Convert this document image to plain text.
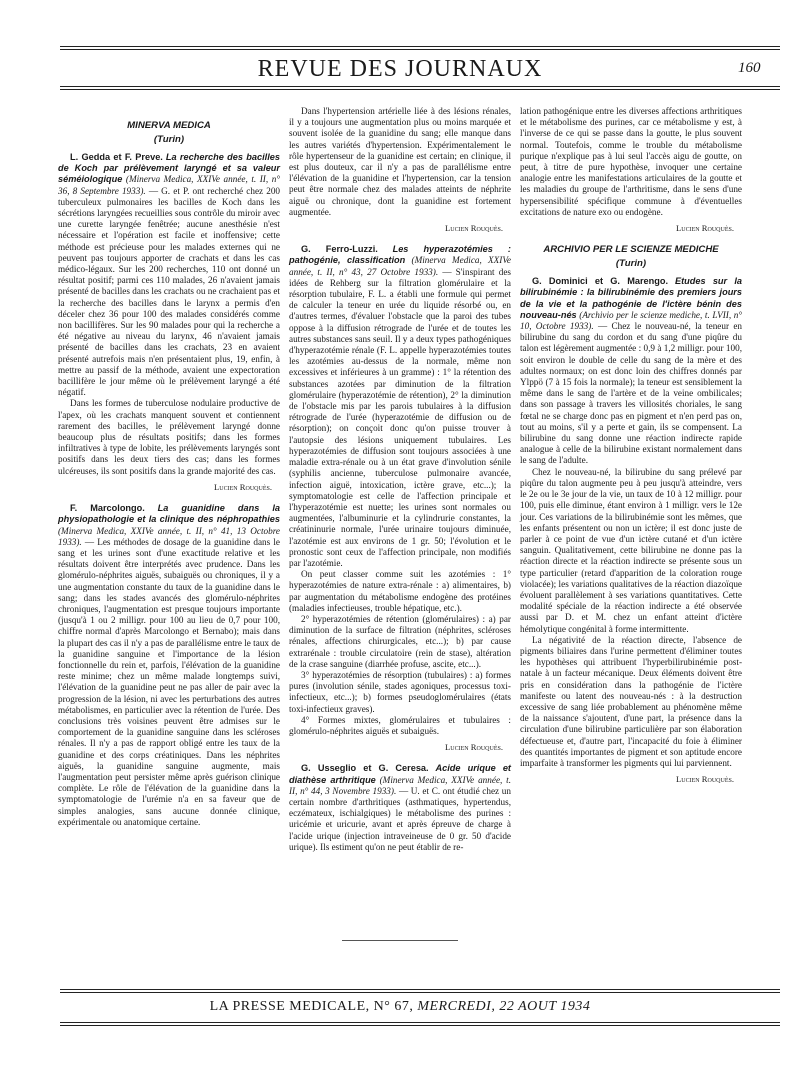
REVUE DES JOURNAUX	160
MINERVA MEDICA
(Turin)

L. Gedda et F. Preve. La recherche des bacilles de Koch par prélèvement laryngé et sa valeur séméiologique (Minerva Medica, XXIVe année, t. II, n° 36, 8 Septembre 1933). — G. et P. ont recherché chez 200 tuberculeux pulmonaires les bacilles de Koch dans les sécrétions laryngées recueillies sous contrôle du miroir avec une curette laryngée fenêtrée; aucune anesthésie n'est nécessaire et l'opération est facile et inoffensive; cette méthode est précieuse pour les malades externes qui ne peuvent pas toujours apporter de crachats et dans les cas médico-légaux. Sur les 200 recherches, 110 ont donné un résultat positif; parmi ces 110 malades, 26 n'avaient jamais présenté de bacilles dans les crachats ou ne crachaient pas et la recherche des bacilles dans le larynx a permis d'en déceler chez 36 pour 100 des malades considérés comme non bacillifères. Sur les 90 malades pour qui la recherche a été négative au niveau du larynx, 46 n'avaient jamais présenté de bacilles dans les crachats, 23 en avaient présenté autrefois mais n'en présentaient plus, 19, enfin, à mettre au passif de la méthode, avaient une expectoration bacillifère le jour même où le prélèvement laryngé a été négatif.

Dans les formes de tuberculose nodulaire productive de l'apex, où les crachats manquent souvent et contiennent rarement des bacilles, le prélèvement laryngé donne beaucoup plus de résultats positifs; dans les formes infiltratives à type de lobite, les prélèvements laryngés sont positifs dans les deux tiers des cas; dans les formes ulcéreuses, ils sont positifs dans la grande majorité des cas.

Lucien Rouquès.

F. Marcolongo. La guanidine dans la physiopathologie et la clinique des néphropathies (Minerva Medica, XXIVe année, t. II, n° 41, 13 Octobre 1933). — Les méthodes de dosage de la guanidine dans le sang et les urines sont d'une exactitude relative et les résultats doivent être interprétés avec prudence. Dans les glomérulo-néphrites aiguës, subaiguës ou chroniques, il y a une augmentation constante du taux de la guanidine dans le sang; dans les stades avancés des glomérulo-néphrites chroniques, l'augmentation est presque toujours importante (jusqu'à 1 ou 2 milligr. pour 100 au lieu de 0,7 pour 100, chiffre normal d'après Marcolongo et Bernabo); mais dans la plupart des cas il n'y a pas de parallélisme entre le taux de la guanidine sanguine et l'importance de la lésion fonctionnelle du rein et, parfois, l'élévation de la guanidine reste minime; chez un même malade longtemps suivi, l'élévation de la guanidine peut ne pas aller de pair avec la progression de la lésion, ni avec les perturbations des autres métabolismes, en particulier avec la rétention de l'urée. Des conclusions très voisines peuvent être admises sur le comportement de la guanidine sanguine dans les scléroses rénales. Il n'y a pas de rapport obligé entre les taux de la guanidine et des corps créatiniques. Dans les néphrites aiguës, la guanidine sanguine augmente, mais l'augmentation peut persister même après guérison clinique complète. Le rôle de l'élévation de la guanidine dans la symptomatologie de l'urémie n'a en sa faveur que de simples analogies, sans aucune donnée clinique, expérimentale ou anatomique certaine.

Dans l'hypertension artérielle liée à des lésions rénales, il y a toujours une augmentation plus ou moins marquée et souvent isolée de la guanidine du sang; elle manque dans les autres variétés d'hypertension. Expérimentalement le rôle hypertenseur de la guanidine est certain; en clinique, il est plus douteux, car il n'y a pas de parallélisme entre l'élévation de la guanidine et l'hypertension, car la tension peut être normale chez des malades atteints de néphrite aiguë ou chronique, dont la guanidine est fortement augmentée.

Lucien Rouquès.

G. Ferro-Luzzi. Les hyperazotémies : pathogénie, classification (Minerva Medica, XXIVe année, t. II, n° 43, 27 Octobre 1933). — S'inspirant des idées de Rehberg sur la filtration glomérulaire et la résorption tubulaire, F. L. a établi une formule qui permet de calculer la teneur en urée du liquide résorbé ou, en d'autres termes, d'évaluer l'obstacle que la paroi des tubes oppose à la diffusion rétrograde de l'urée et de toutes les autres substances sans seuil. Il y a deux types pathogéniques d'hyperazotémie rénale (F. L. appelle hyperazotémies toutes les azotémies au-dessus de la normale, même non excessives et inférieures à un gramme) : 1° la rétention des substances azotées par diminution de la filtration glomérulaire (hyperazotémie de rétention), 2° la diminution de l'obstacle mis par les parois tubulaires à la diffusion rétrograde de l'urée (hyperazotémie de diffusion ou de résorption); on conçoit donc qu'on puisse trouver à l'autopsie des lésions uniquement tubulaires. Les hyperazotémies de diffusion sont toujours associées à une maladie extra-rénale ou à un état grave d'involution sénile (syphilis ancienne, tuberculose pulmonaire avancée, infection aiguë, intoxication, ictère grave, etc...); la symptomatologie est celle de l'affection principale et l'hyperazotémie est nuette; les urines sont normales ou augmentées, l'albuminurie et la cylindrurie constantes, la créatininurie normale, l'urée urinaire toujours diminuée, l'azotémie est aux environs de 1 gr. 50; l'évolution et le pronostic sont ceux de l'affection principale, non modifiés par l'azotémie.

On peut classer comme suit les azotémies : 1° hyperazotémies de nature extra-rénale : a) alimentaires, b) par augmentation du métabolisme endogène des protéines (maladies infectieuses, trouble hépatique, etc.).

2° hyperazotémies de rétention (glomérulaires) : a) par diminution de la surface de filtration (néphrites, scléroses rénales, affections chirurgicales, etc...); b) par cause extrarénale : trouble circulatoire (rein de stase), altération de la crase sanguine (diarrhée profuse, ascite, etc...).

3° hyperazotémies de résorption (tubulaires) : a) formes pures (involution sénile, stades agoniques, processus toxi-infectieux, etc...); b) formes pseudoglomérulaires (états toxi-infectieux graves).

4° Formes mixtes, glomérulaires et tubulaires : glomérulo-néphrites aiguës et subaiguës.

Lucien Rouquès.

G. Usseglio et G. Ceresa. Acide urique et diathèse arthritique (Minerva Medica, XXIVe année, t. II, n° 44, 3 Novembre 1933). — U. et C. ont étudié chez un certain nombre d'arthritiques (asthmatiques, hypertendus, eczémateux, ischialgiques) le métabolisme des purines : uricémie et uricurie, avant et après épreuve de charge à l'acide urique (injection intraveineuse de 0 gr. 50 d'acide urique). Ils estiment qu'on ne peut établir de re-

lation pathogénique entre les diverses affections arthritiques et le métabolisme des purines, car ce métabolisme y est, à l'inverse de ce qui se passe dans la goutte, le plus souvent normal. Toutefois, comme le trouble du métabolisme purique n'explique pas à lui seul l'accès aigu de goutte, on peut, à titre de pure hypothèse, invoquer une certaine analogie entre les manifestations articulaires de la goutte et les maladies du groupe de l'arthritisme, dans le sens d'une hypersensibilité spécifique commune à d'éventuelles excitations de nature exo ou endogène.

Lucien Rouquès.
ARCHIVIO PER LE SCIENZE MEDICHE
(Turin)

G. Dominici et G. Marengo. Etudes sur la bilirubinémie : la bilirubinémie des premiers jours de la vie et la pathogénie de l'ictère bénin des nouveau-nés (Archivio per le scienze mediche, t. LVII, n° 10, Octobre 1933). — Chez le nouveau-né, la teneur en bilirubine du sang du cordon et du sang d'une piqûre du talon est légèrement augmentée : 0,9 à 1,2 milligr. pour 100, soit environ le double de celle du sang de la mère et des adultes normaux; on est donc loin des chiffres donnés par Ylppö (7 à 15 fois la normale); la teneur est sensiblement la même dans le sang de l'artère et de la veine ombilicales; dans son passage à travers les villosités choriales, le sang fœtal ne se charge donc pas en pigment et n'en perd pas on, tout au moins, s'il y a perte et gain, ils se compensent. La bilirubine du sang donne une réaction indirecte rapide analogue à celle de la bilirubine existant normalement dans le sang de l'adulte.

Chez le nouveau-né, la bilirubine du sang prélevé par piqûre du talon augmente peu à peu jusqu'à atteindre, vers le 2e ou le 3e jour de la vie, un taux de 10 à 12 milligr. pour 100, puis elle diminue, étant environ à 1 milligr. vers le 12e jour. Ces variations de la bilirubinémie sont les mêmes, que les enfants présentent ou non un ictère; il est donc juste de parler à ce point de vue d'un ictère cutané et d'un ictère sanguin. Qualitativement, cette bilirubine ne donne pas la réaction directe et la réaction indirecte se présente sous un type particulier (retard d'apparition de la coloration rouge violacée); les variations qualitatives de la réaction diazoïque évoluent parallèlement à ses variations quantitatives. Cette modalité spéciale de la réaction indirecte a été observée aussi par D. et M. chez un enfant atteint d'ictère hémolytique congénital à forme intermittente.

La négativité de la réaction directe, l'absence de pigments biliaires dans l'urine permettent d'éliminer toutes les hypothèses qui attribuent l'hyperbilirubinémie post-natale à un facteur mécanique. Deux éléments doivent être pris en considération dans la pathogénie de l'ictère manifeste ou latent des nouveau-nés : à la destruction excessive de sang liée probablement au phénomène même de la naissance s'ajoutent, d'une part, la présence dans la circulation d'une bilirubine particulière par son élaboration défectueuse et, d'autre part, l'incapacité du foie à éliminer des quantités importantes de pigment et son aptitude encore imparfaite à transformer les pigments qui lui parviennent.

Lucien Rouquès.
LA PRESSE MEDICALE, N° 67, MERCREDI, 22 AOUT 1934
